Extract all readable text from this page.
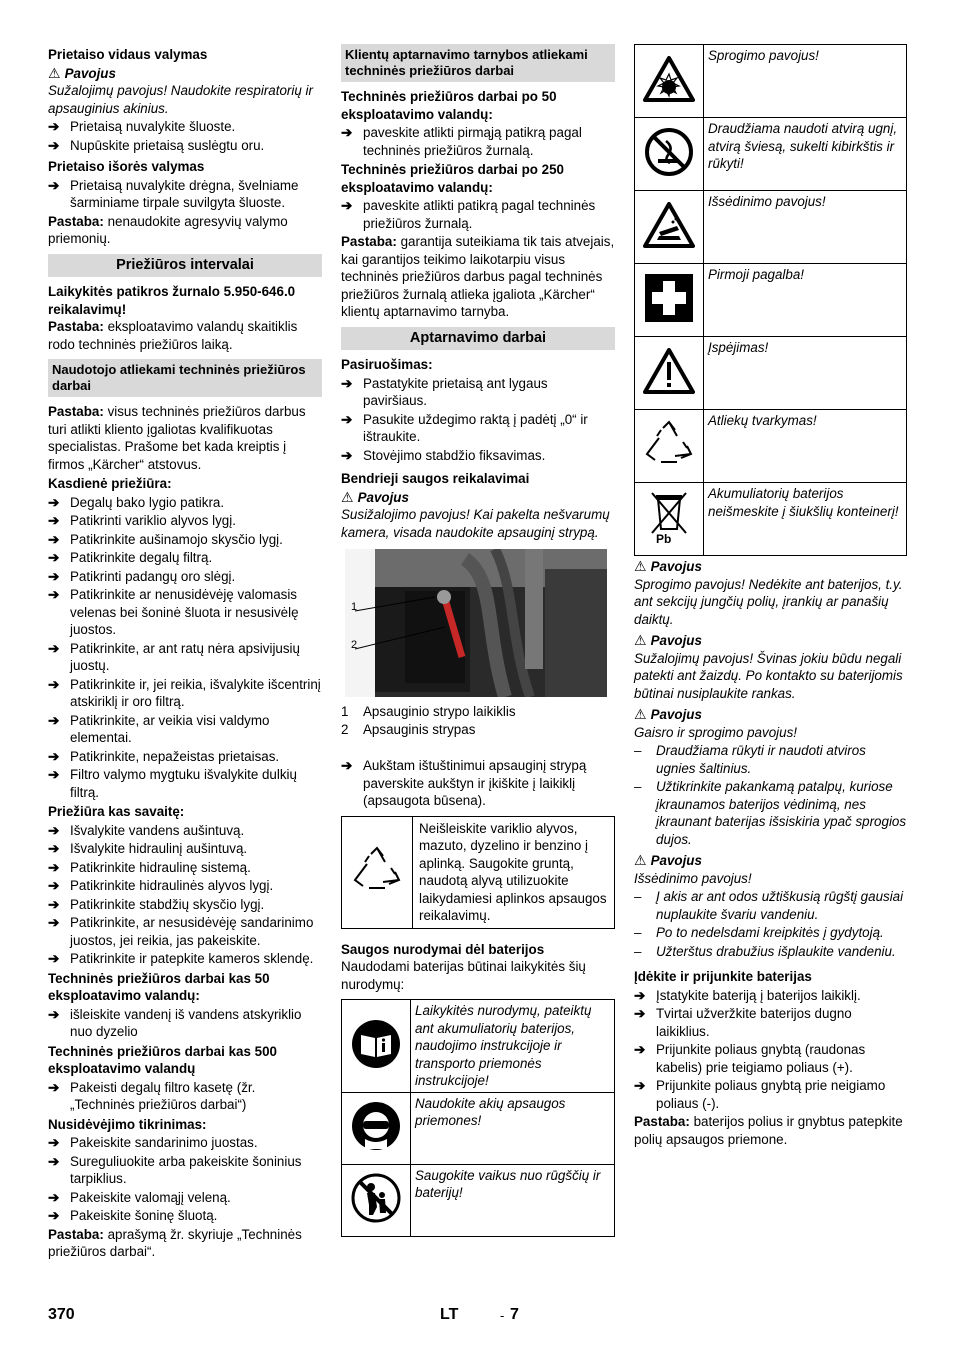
Prietaiso vidaus valymas

⚠ Pavojus

Sužalojimų pavojus! Naudokite respiratorių ir apsauginius akinius.

➔ Prietaisą nuvalykite šluoste.
➔ Nupūskite prietaisą suslėgtu oru.

Prietaiso išorės valymas

➔ Prietaisą nuvalykite drėgna, švelniame šarminiame tirpale suvilgyta šluoste.

Pastaba: nenaudokite agresyvių valymo priemonių.

Priežiūros intervalai

Laikykitės patikros žurnalo 5.950-646.0 reikalavimų!

Pastaba: eksploatavimo valandų skaitiklis rodo techninės priežiūros laiką.

Naudotojo atliekami techninės priežiūros darbai

Pastaba: visus techninės priežiūros darbus turi atlikti kliento įgaliotas kvalifikuotas specialistas. Prašome bet kada kreiptis į firmos „Kärcher“ atstovus.

Kasdienė priežiūra:

➔ Degalų bako lygio patikra.
➔ Patikrinti variklio alyvos lygį.
➔ Patikrinkite aušinamojo skysčio lygį.
➔ Patikrinkite degalų filtrą.
➔ Patikrinti padangų oro slėgį.
➔ Patikrinkite ar nenusidėvėję valomasis velenas bei šoninė šluota ir nesusivėlę juostos.
➔ Patikrinkite, ar ant ratų nėra apsivijusių juostų.
➔ Patikrinkite ir, jei reikia, išvalykite išcentrinį atskiriklį ir oro filtrą.
➔ Patikrinkite, ar veikia visi valdymo elementai.
➔ Patikrinkite, nepažeistas prietaisas.
➔ Filtro valymo mygtuku išvalykite dulkių filtrą.

Priežiūra kas savaitę:

➔ Išvalykite vandens aušintuvą.
➔ Išvalykite hidraulinį aušintuvą.
➔ Patikrinkite hidraulinę sistemą.
➔ Patikrinkite hidraulinės alyvos lygį.
➔ Patikrinkite stabdžių skysčio lygį.
➔ Patikrinkite, ar nesusidėvėję sandarinimo juostos, jei reikia, jas pakeiskite.
➔ Patikrinkite ir patepkite kameros sklendę.

Techninės priežiūros darbai kas 50 eksploatavimo valandų:

➔ išleiskite vandenį iš vandens atskyriklio nuo dyzelio

Techninės priežiūros darbai kas 500 eksploatavimo valandų

➔ Pakeisti degalų filtro kasetę (žr. „Techninės priežiūros darbai“)

Nusidėvėjimo tikrinimas:

➔ Pakeiskite sandarinimo juostas.
➔ Sureguliuokite arba pakeiskite šoninius tarpiklius.
➔ Pakeiskite valomąjį veleną.
➔ Pakeiskite šoninę šluotą.

Pastaba: aprašymą žr. skyriuje „Techninės priežiūros darbai“.

Klientų aptarnavimo tarnybos atliekami techninės priežiūros darbai

Techninės priežiūros darbai po 50 eksploatavimo valandų:

➔ paveskite atlikti pirmąją patikrą pagal techninės priežiūros žurnalą.

Techninės priežiūros darbai po 250 eksploatavimo valandų:

➔ paveskite atlikti patikrą pagal techninės priežiūros žurnalą.

Pastaba: garantija suteikiama tik tais atvejais, kai garantijos teikimo laikotarpiu visus techninės priežiūros darbus pagal techninės priežiūros žurnalą atlieka įgaliota „Kärcher“ klientų aptarnavimo tarnyba.

Aptarnavimo darbai

Pasiruošimas:

➔ Pastatykite prietaisą ant lygaus paviršiaus.
➔ Pasukite uždegimo raktą į padėtį „0“ ir ištraukite.
➔ Stovėjimo stabdžio fiksavimas.

Bendrieji saugos reikalavimai

⚠ Pavojus

Susižalojimo pavojus! Kai pakelta nešvarumų kamera, visada naudokite apsauginį strypą.

1
2
1	Apsauginio strypo laikiklis
2	Apsauginis strypas
➔ Aukštam ištuštinimui apsauginį strypą paverskite aukštyn ir įkiškite į laikiklį (apsaugota būsena).
	Neišleiskite variklio alyvos, mazuto, dyzelino ir benzino į aplinką. Saugokite gruntą, naudotą alyvą utilizuokite laikydamiesi aplinkos apsaugos reikalavimų.

Saugos nurodymai dėl baterijos

Naudodami baterijas būtinai laikykitės šių nurodymų:

	Laikykitės nurodymų, pateiktų ant akumuliatorių baterijos, naudojimo instrukcijoje ir transporto priemonės instrukcijoje!
	Naudokite akių apsaugos priemones!
	Saugokite vaikus nuo rūgščių ir baterijų!
	Sprogimo pavojus!
	Draudžiama naudoti atvirą ugnį, atvirą šviesą, sukelti kibirkštis ir rūkyti!
	Išsėdinimo pavojus!
	Pirmoji pagalba!
	Įspėjimas!
	Atliekų tvarkymas!

Pb	Akumuliatorių baterijos neišmeskite į šiukšlių konteinerį!

⚠ Pavojus

Sprogimo pavojus! Nedėkite ant baterijos, t.y. ant sekcijų jungčių polių, įrankių ar panašių daiktų.

⚠ Pavojus

Sužalojimų pavojus! Švinas jokiu būdu negali patekti ant žaizdų. Po kontakto su baterijomis būtinai nusiplaukite rankas.

⚠ Pavojus

Gaisro ir sprogimo pavojus!

–	Draudžiama rūkyti ir naudoti atviros ugnies šaltinius.
–	Užtikrinkite pakankamą patalpų, kuriose įkraunamos baterijos vėdinimą, nes įkraunant baterijas išsiskiria ypač sprogios dujos.

⚠ Pavojus

Išsėdinimo pavojus!

–	Į akis ar ant odos užtiškusią rūgštį gausiai nuplaukite švariu vandeniu.
–	Po to nedelsdami kreipkitės į gydytoją.
–	Užterštus drabužius išplaukite vandeniu.

Įdėkite ir prijunkite baterijas

➔ Įstatykite bateriją į baterijos laikiklį.
➔ Tvirtai užveržkite baterijos dugno laikiklius.
➔ Prijunkite poliaus gnybtą (raudonas kabelis) prie teigiamo poliaus (+).
➔ Prijunkite poliaus gnybtą prie neigiamo poliaus (-).

Pastaba: baterijos polius ir gnybtus patepkite polių apsaugos priemone.

370	LT	- 7
